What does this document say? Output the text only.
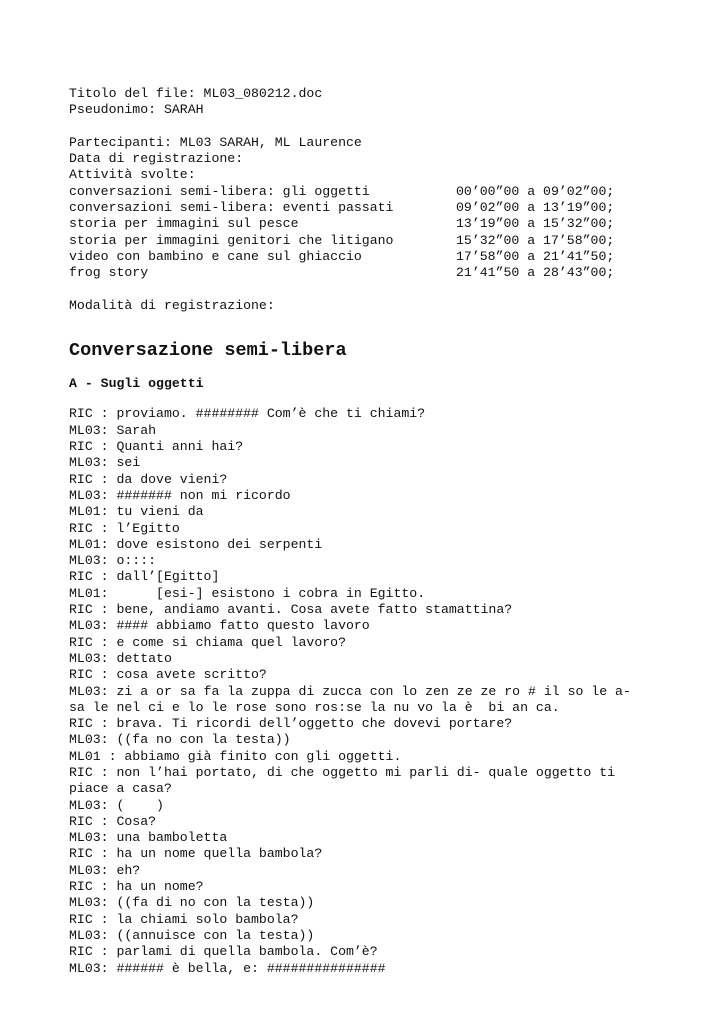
Titolo del file: ML03_080212.doc
Pseudonimo: SARAH
Partecipanti: ML03 SARAH, ML Laurence
Data di registrazione:
Attività svolte:
conversazioni semi-libera: gli oggetti	00’00”00 a 09’02”00;
conversazioni semi-libera: eventi passati	09’02”00 a 13’19”00;
storia per immagini sul pesce	13’19”00 a 15’32”00;
storia per immagini genitori che litigano	15’32”00 a 17’58”00;
video con bambino e cane sul ghiaccio	17’58”00 a 21’41”50;
frog story	21’41”50 a 28’43”00;
Modalità di registrazione:
Conversazione semi-libera
A - Sugli oggetti
RIC : proviamo. ######## Com’è che ti chiami?
ML03: Sarah
RIC : Quanti anni hai?
ML03: sei
RIC : da dove vieni?
ML03: ####### non mi ricordo
ML01: tu vieni da
RIC : l’Egitto
ML01: dove esistono dei serpenti
ML03: o::::
RIC : dall’[Egitto]
ML01:      [esi-] esistono i cobra in Egitto.
RIC : bene, andiamo avanti. Cosa avete fatto stamattina?
ML03: #### abbiamo fatto questo lavoro
RIC : e come si chiama quel lavoro?
ML03: dettato
RIC : cosa avete scritto?
ML03: zi a or sa fa la zuppa di zucca con lo zen ze ze ro # il so le a-
sa le nel ci e lo le rose sono ros:se la nu vo la è  bi an ca.
RIC : brava. Ti ricordi dell’oggetto che dovevi portare?
ML03: ((fa no con la testa))
ML01 : abbiamo già finito con gli oggetti.
RIC : non l’hai portato, di che oggetto mi parli di- quale oggetto ti
piace a casa?
ML03: (    )
RIC : Cosa?
ML03: una bamboletta
RIC : ha un nome quella bambola?
ML03: eh?
RIC : ha un nome?
ML03: ((fa di no con la testa))
RIC : la chiami solo bambola?
ML03: ((annuisce con la testa))
RIC : parlami di quella bambola. Com’è?
ML03: ###### è bella, e: ###############
